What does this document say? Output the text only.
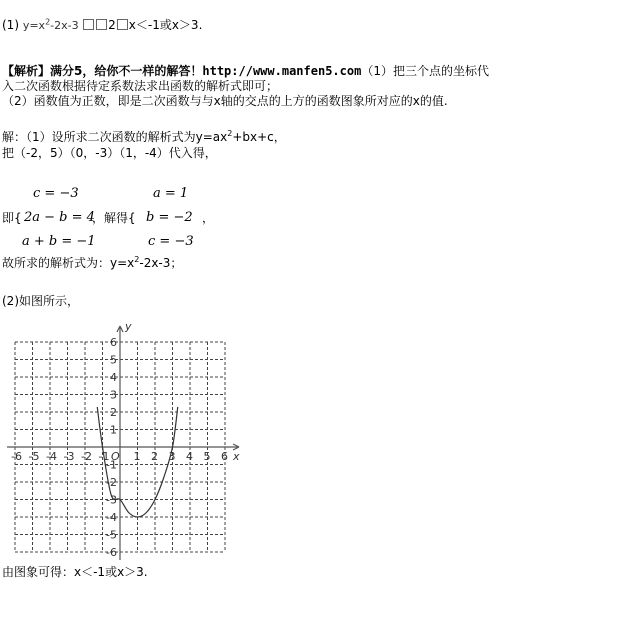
(1) $y=x^2-2x-3$ 2 x＜-1或x＞3.
【解析】满分5，给你不一样的解答！http://www.manfen5.com（1）把三个点的坐标代
入二次函数根据待定系数法求出函数的解析式即可；
（2）函数值为正数，即是二次函数与与x轴的交点的上方的函数图象所对应的x的值.
解：（1）设所求二次函数的解析式为$y=ax^2+bx+c$，
把（-2，5）（0，-3）（1，-4）代入得，
c = −3	a = 1
即{ 2a − b = 4
，解得{ b = −2 ，
a + b = −1	c = −3
故所求的解析式为：$y=x^2-2x-3$；
(2)如图所示，
-6 -5 -4 -3 -2 -1 O 1 2 3 4 5 6
6
5
4
3
2
1
-1
-2
-3
-4
-5
-6
x
y
由图象可得：x＜-1或x＞3.
